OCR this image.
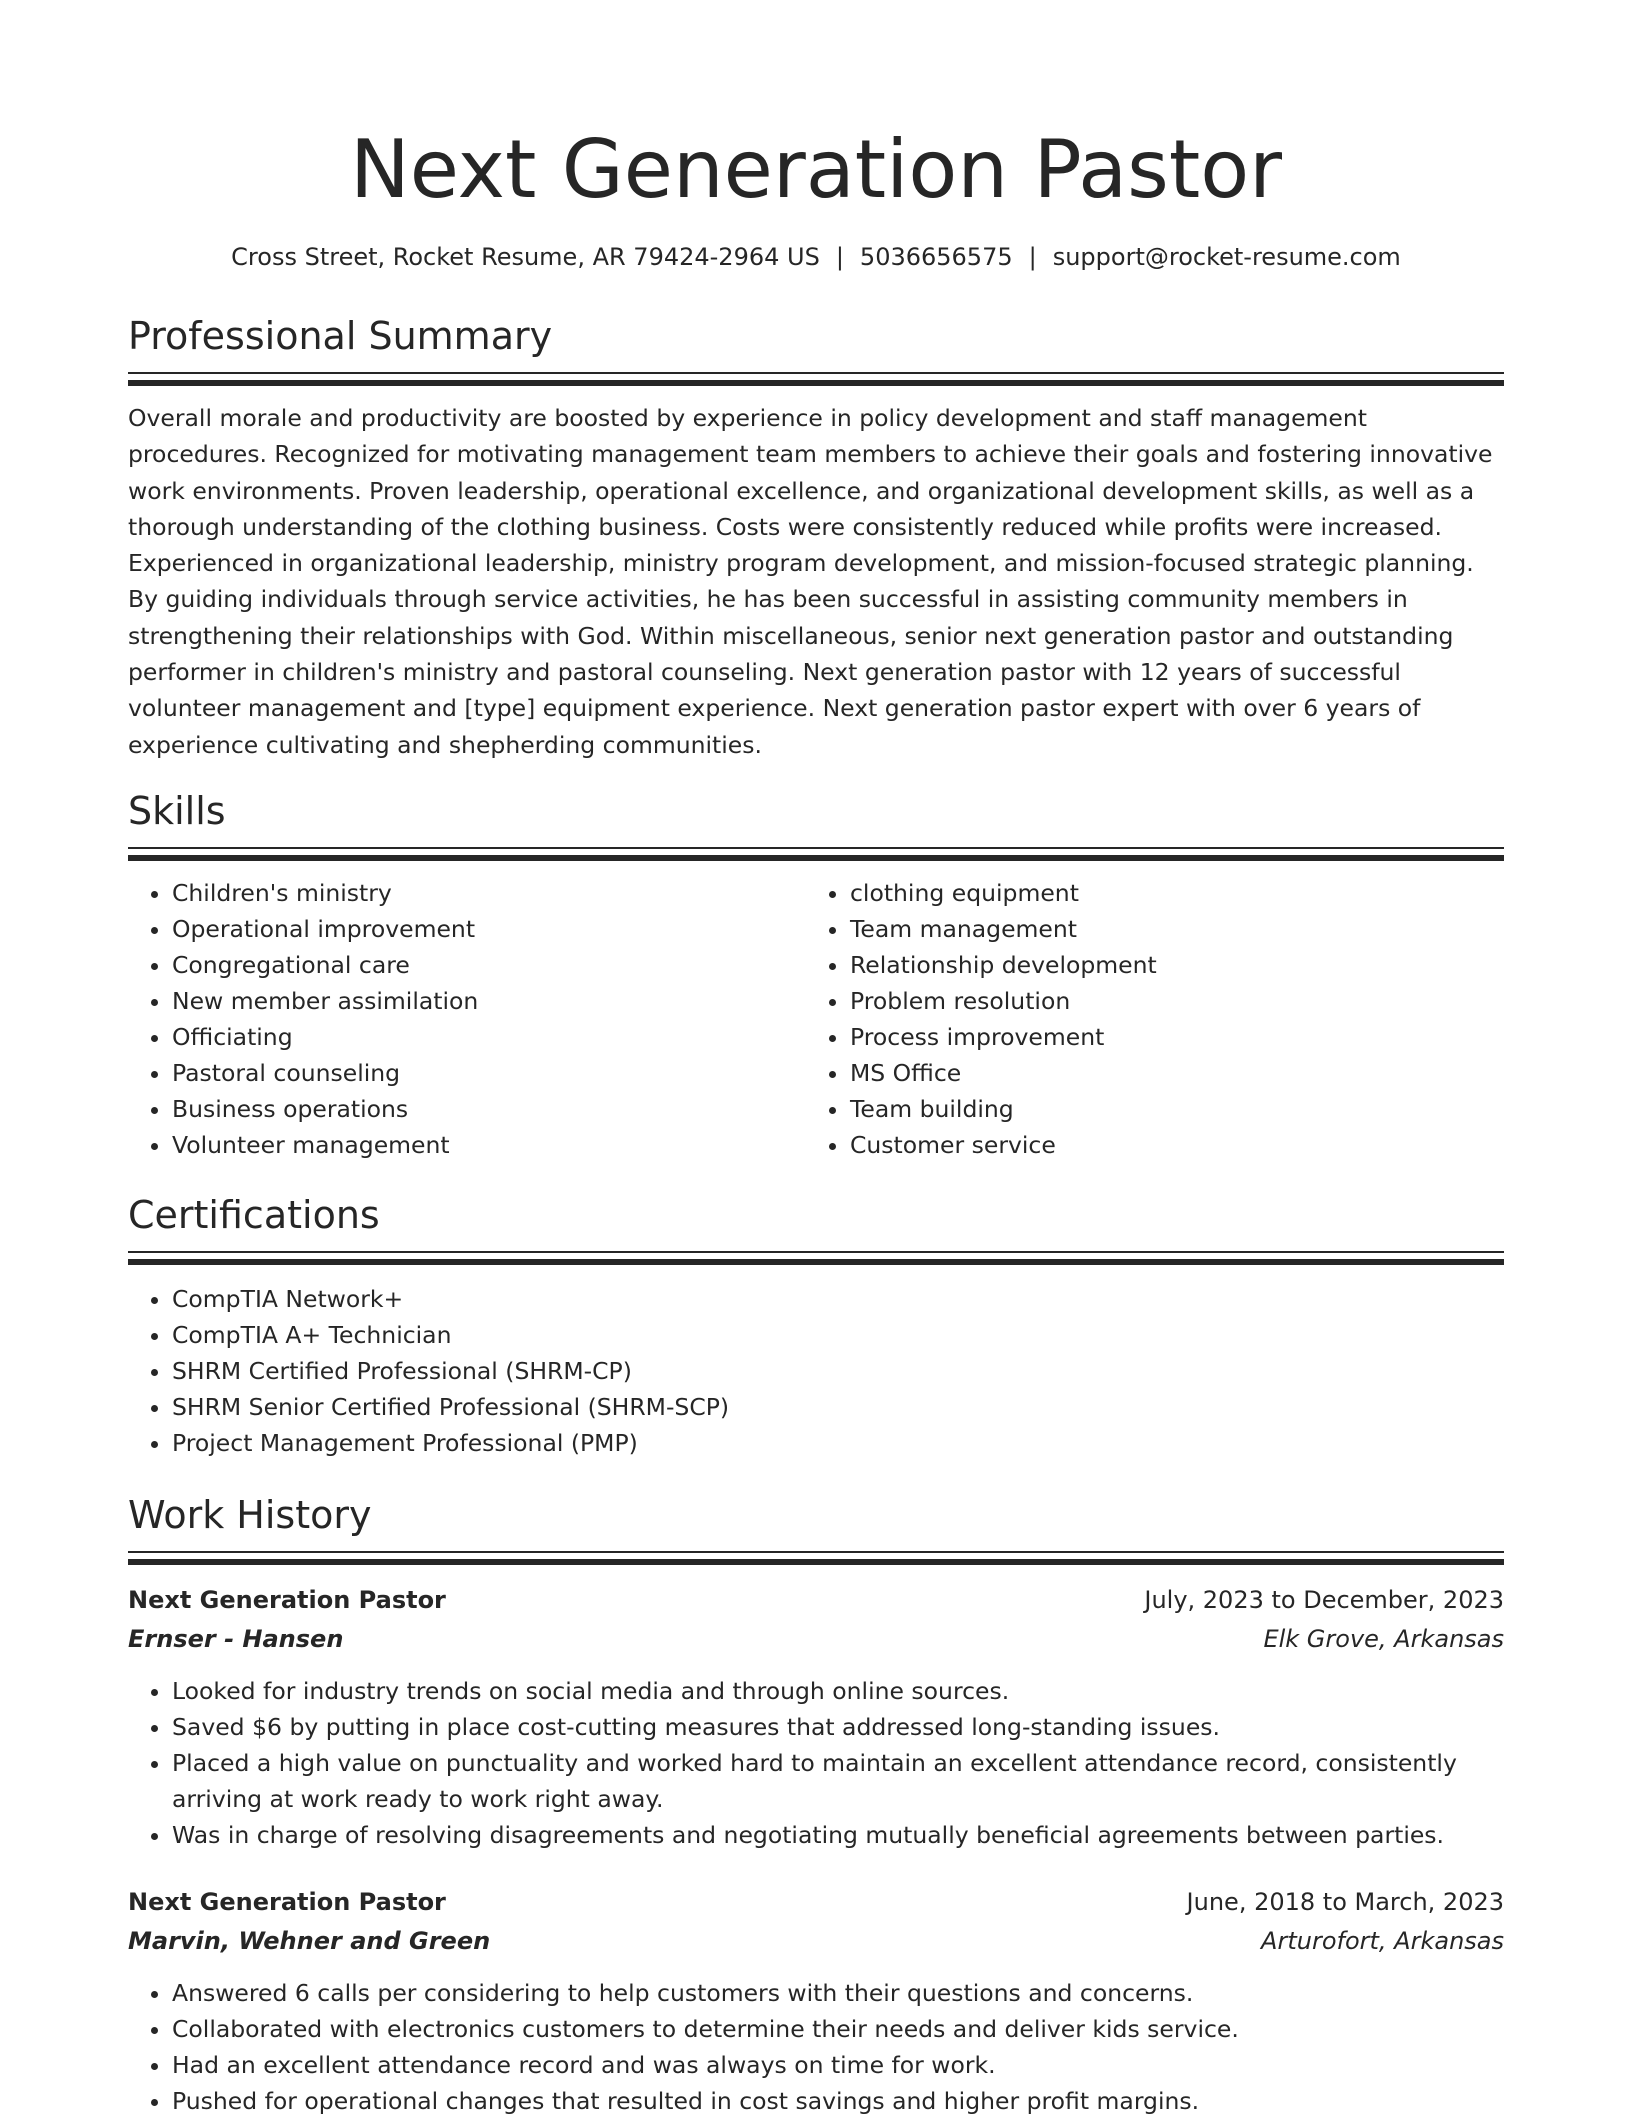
Next Generation Pastor
Cross Street, Rocket Resume, AR 79424-2964 US | 5036656575 | support@rocket-resume.com
Professional Summary

Overall morale and productivity are boosted by experience in policy development and staff management procedures. Recognized for motivating management team members to achieve their goals and fostering innovative work environments. Proven leadership, operational excellence, and organizational development skills, as well as a thorough understanding of the clothing business. Costs were consistently reduced while profits were increased. Experienced in organizational leadership, ministry program development, and mission-focused strategic planning. By guiding individuals through service activities, he has been successful in assisting community members in strengthening their relationships with God. Within miscellaneous, senior next generation pastor and outstanding performer in children's ministry and pastoral counseling. Next generation pastor with 12 years of successful volunteer management and [type] equipment experience. Next generation pastor expert with over 6 years of experience cultivating and shepherding communities.

Skills
• Children's ministry
• Operational improvement
• Congregational care
• New member assimilation
• Officiating
• Pastoral counseling
• Business operations
• Volunteer management
• clothing equipment
• Team management
• Relationship development
• Problem resolution
• Process improvement
• MS Office
• Team building
• Customer service
Certifications
• CompTIA Network+
• CompTIA A+ Technician
• SHRM Certified Professional (SHRM-CP)
• SHRM Senior Certified Professional (SHRM-SCP)
• Project Management Professional (PMP)
Work History
Next Generation Pastor	July, 2023 to December, 2023
Ernser - Hansen	Elk Grove, Arkansas
• Looked for industry trends on social media and through online sources.
• Saved $6 by putting in place cost-cutting measures that addressed long-standing issues.
• Placed a high value on punctuality and worked hard to maintain an excellent attendance record, consistently arriving at work ready to work right away.
• Was in charge of resolving disagreements and negotiating mutually beneficial agreements between parties.
Next Generation Pastor	June, 2018 to March, 2023
Marvin, Wehner and Green	Arturofort, Arkansas
• Answered 6 calls per considering to help customers with their questions and concerns.
• Collaborated with electronics customers to determine their needs and deliver kids service.
• Had an excellent attendance record and was always on time for work.
• Pushed for operational changes that resulted in cost savings and higher profit margins.
